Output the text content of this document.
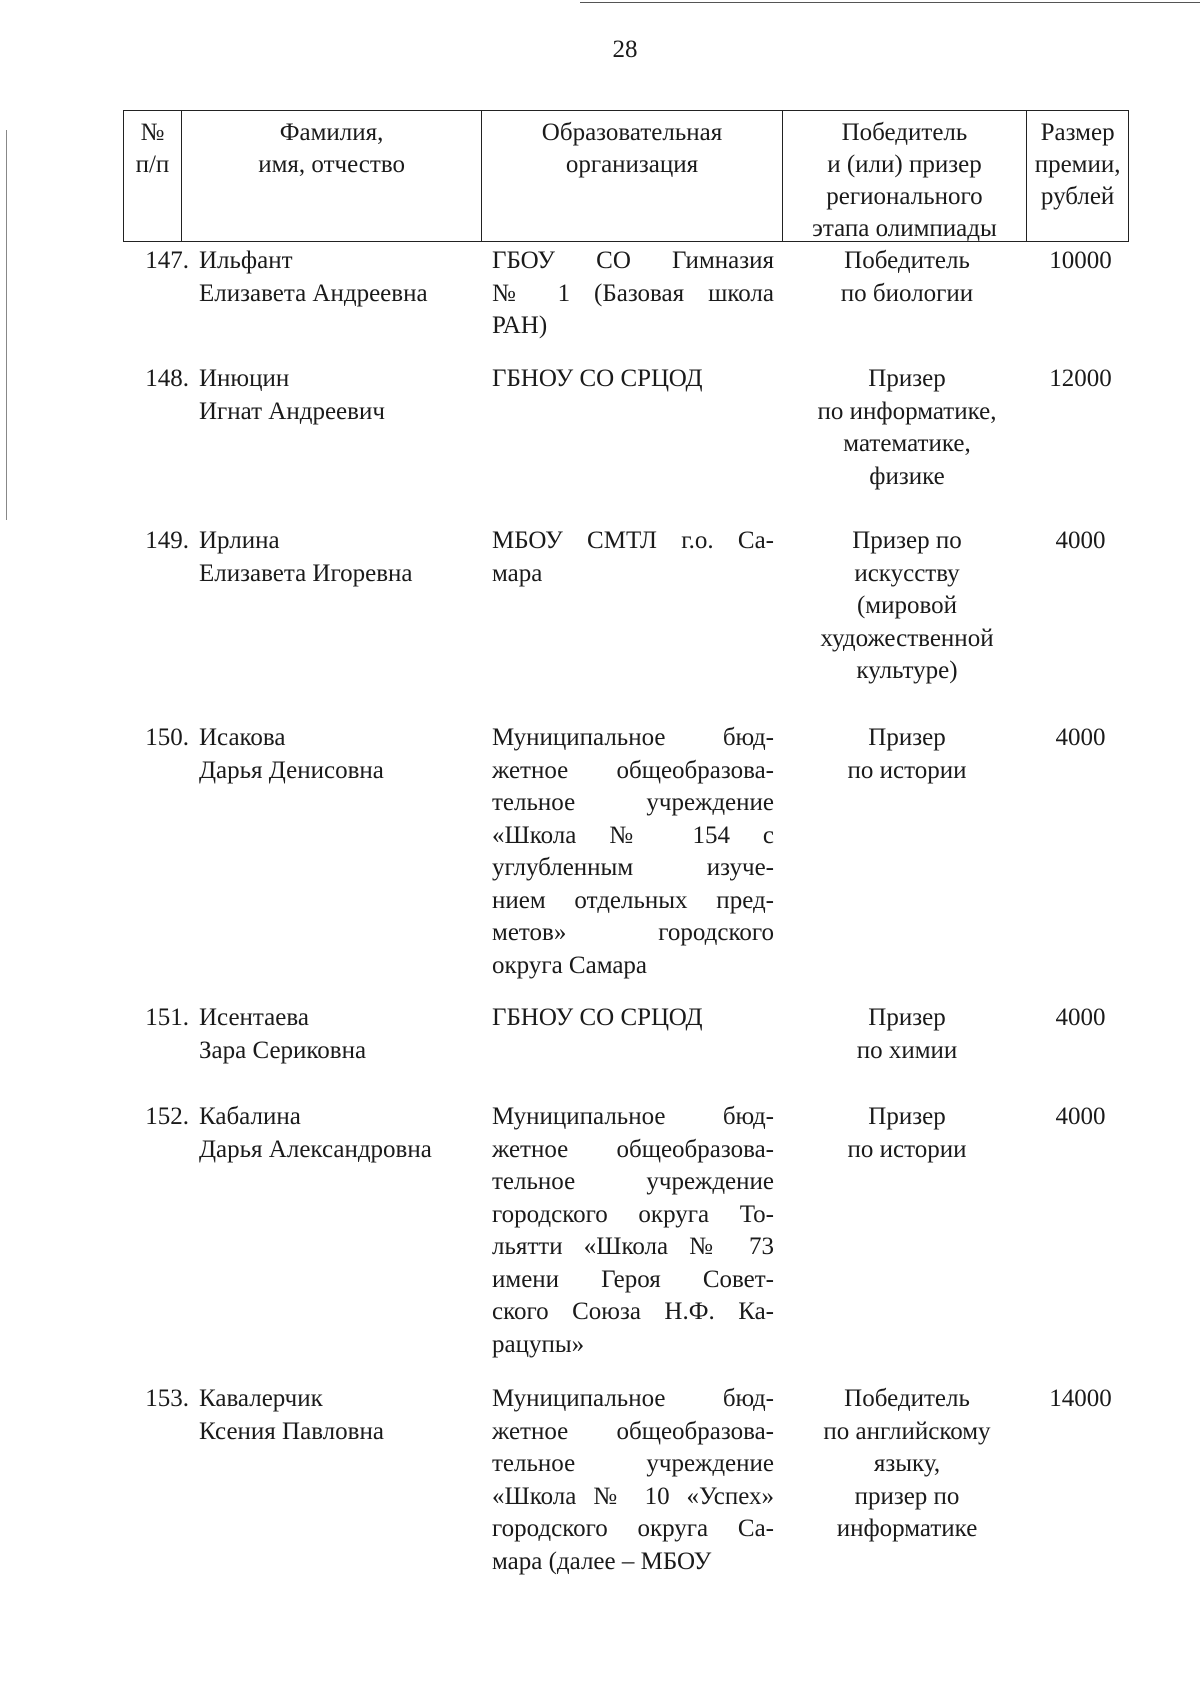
28
№
п/п
Фамилия,
имя, отчество
Образовательная
организация
Победитель
и (или) призер
регионального
этапа олимпиады
Размер
премии,
рублей
147. Ильфант
Елизавета Андреевна
ГБОУ СО Гимназия
№ 1 (Базовая школа
РАН)
Победитель
по биологии
10000
148. Инюцин
Игнат Андреевич
ГБНОУ СО СРЦОД	Призер
по информатике,
математике,
физике
12000
149. Ирлина
Елизавета Игоревна
МБОУ СМТЛ г.о. Са-
мара
Призер по
искусству
(мировой
художественной
культуре)
4000
150. Исакова
Дарья Денисовна
Муниципальное бюд-
жетное общеобразова-
тельное учреждение
«Школа № 154 с
углубленным изуче-
нием отдельных пред-
метов» городского
округа Самара
Призер
по истории
4000
151. Исентаева
Зара Сериковна
ГБНОУ СО СРЦОД	Призер
по химии
4000
152. Кабалина
Дарья Александровна
Муниципальное бюд-
жетное общеобразова-
тельное учреждение
городского округа То-
льятти «Школа № 73
имени Героя Совет-
ского Союза Н.Ф. Ка-
рацупы»
Призер
по истории
4000
153. Кавалерчик
Ксения Павловна
Муниципальное бюд-
жетное общеобразова-
тельное учреждение
«Школа № 10 «Успех»
городского округа Са-
мара (далее – МБОУ
Победитель
по английскому
языку,
призер по
информатике
14000
